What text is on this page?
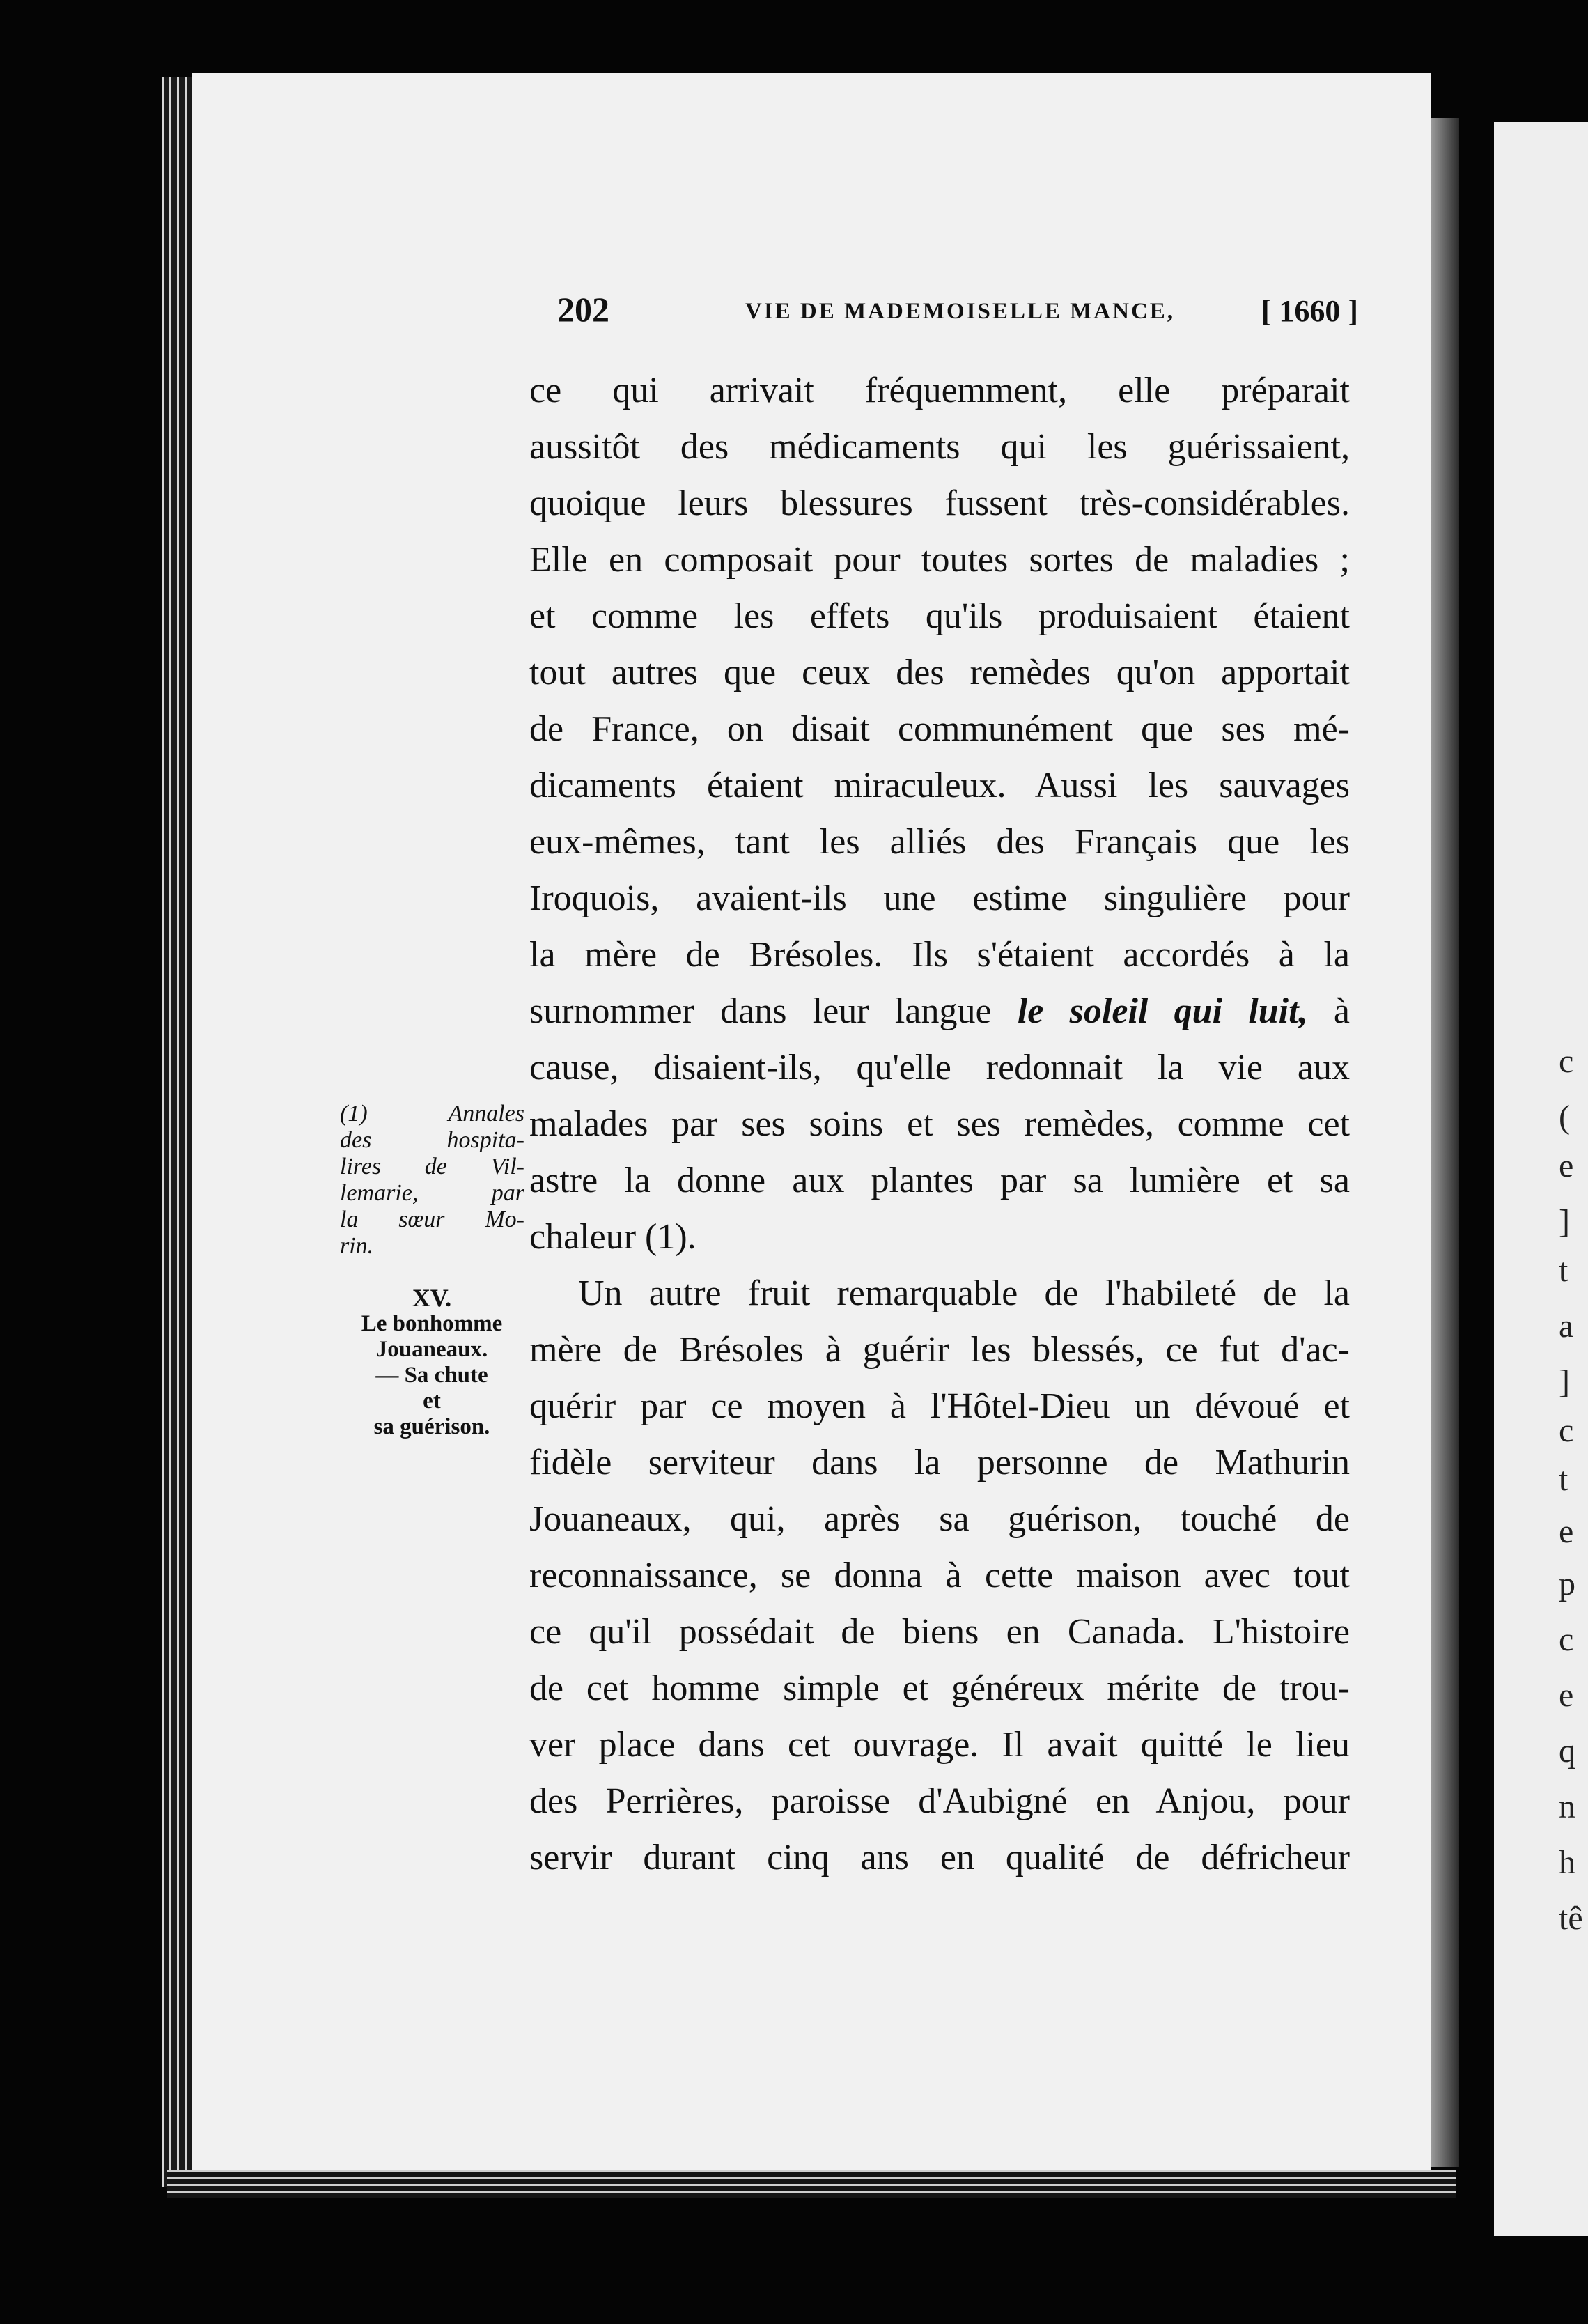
c
(
e
]
t
a
]
c
t
e
p
c
e
q
n
h
tê
202	VIE DE MADEMOISELLE MANCE,	[ 1660 ]
ce qui arrivait fréquemment, elle préparait
aussitôt des médicaments qui les guérissaient,
quoique leurs blessures fussent très-considérables.
Elle en composait pour toutes sortes de maladies ;
et comme les effets qu'ils produisaient étaient
tout autres que ceux des remèdes qu'on apportait
de France, on disait communément que ses mé-
dicaments étaient miraculeux. Aussi les sauvages
eux-mêmes, tant les alliés des Français que les
Iroquois, avaient-ils une estime singulière pour
la mère de Brésoles. Ils s'étaient accordés à la
surnommer dans leur langue le soleil qui luit, à
cause, disaient-ils, qu'elle redonnait la vie aux
malades par ses soins et ses remèdes, comme cet
astre la donne aux plantes par sa lumière et sa
chaleur (1).
Un autre fruit remarquable de l'habileté de la
mère de Brésoles à guérir les blessés, ce fut d'ac-
quérir par ce moyen à l'Hôtel-Dieu un dévoué et
fidèle serviteur dans la personne de Mathurin
Jouaneaux, qui, après sa guérison, touché de
reconnaissance, se donna à cette maison avec tout
ce qu'il possédait de biens en Canada. L'histoire
de cet homme simple et généreux mérite de trou-
ver place dans cet ouvrage. Il avait quitté le lieu
des Perrières, paroisse d'Aubigné en Anjou, pour
servir durant cinq ans en qualité de défricheur
(1) Annales
des hospita-
lires de Vil-
lemarie, par
la sœur Mo-
rin.
XV.
Le bonhomme
Jouaneaux.
— Sa chute
et
sa guérison.
